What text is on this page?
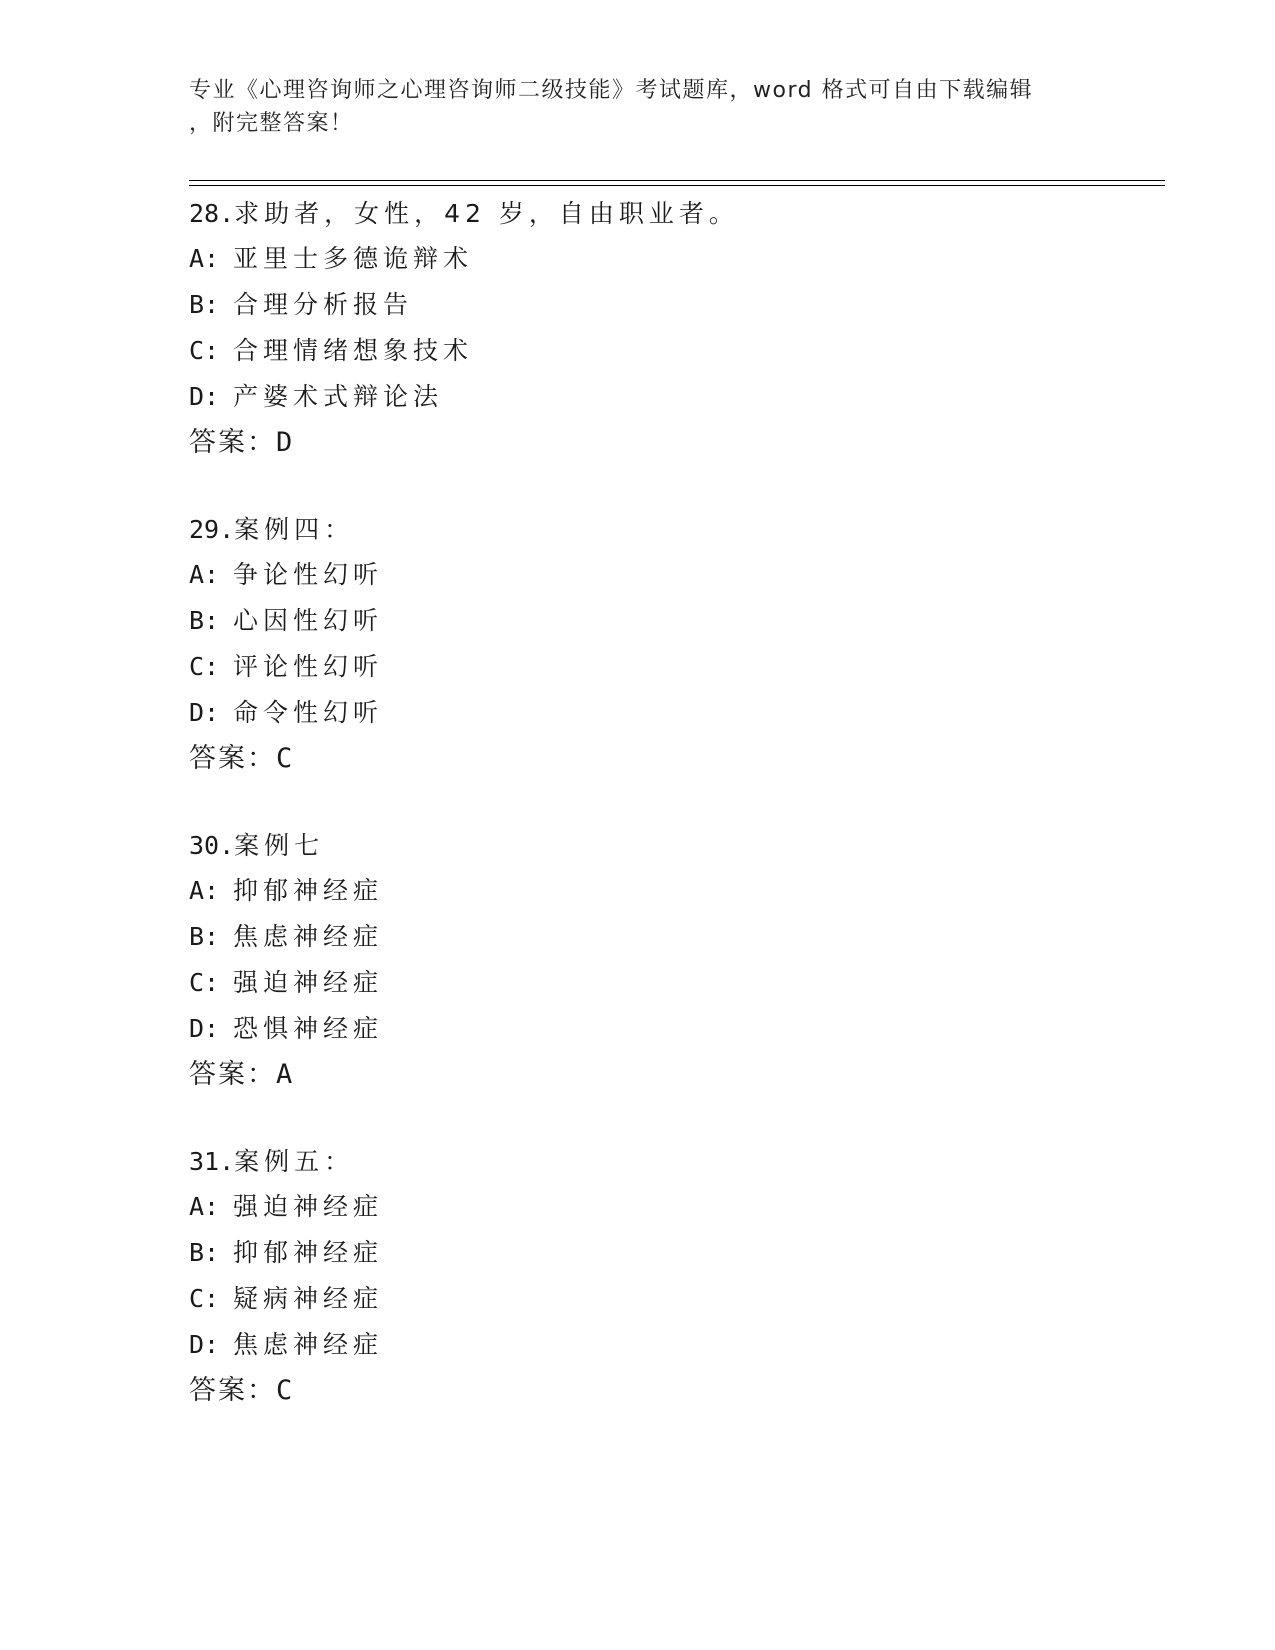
专业《心理咨询师之心理咨询师二级技能》考试题库，word 格式可自由下载编辑
，附完整答案！
28.求助者，女性，42 岁，自由职业者。
A: 亚里士多德诡辩术
B: 合理分析报告
C: 合理情绪想象技术
D: 产婆术式辩论法
答案：D
29.案例四：
A: 争论性幻听
B: 心因性幻听
C: 评论性幻听
D: 命令性幻听
答案：C
30.案例七
A: 抑郁神经症
B: 焦虑神经症
C: 强迫神经症
D: 恐惧神经症
答案：A
31.案例五：
A: 强迫神经症
B: 抑郁神经症
C: 疑病神经症
D: 焦虑神经症
答案：C
